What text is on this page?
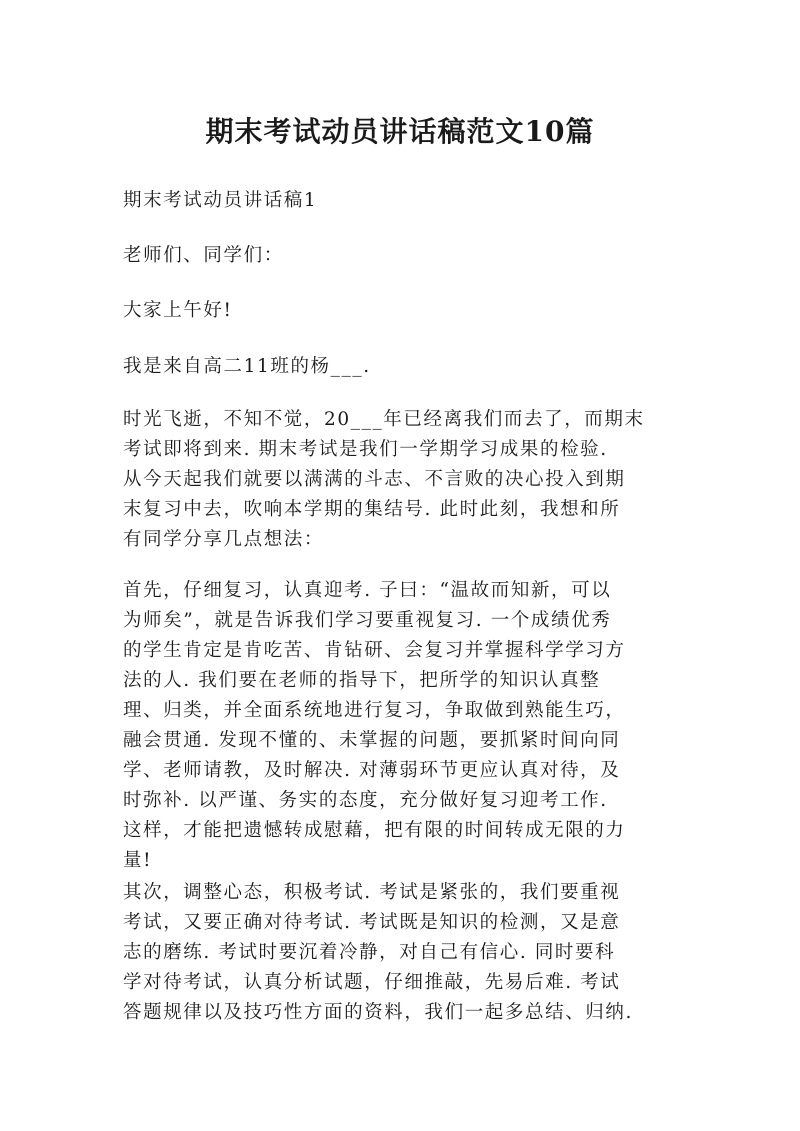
期末考试动员讲话稿范文10篇

期末考试动员讲话稿1

老师们、同学们：

大家上午好!

我是来自高二11班的杨___.

时光飞逝，不知不觉，20___年已经离我们而去了，而期末
考试即将到来. 期末考试是我们一学期学习成果的检验.
从今天起我们就要以满满的斗志、不言败的决心投入到期
末复习中去，吹响本学期的集结号. 此时此刻，我想和所
有同学分享几点想法：

首先，仔细复习，认真迎考. 子曰：“温故而知新，可以
为师矣”，就是告诉我们学习要重视复习. 一个成绩优秀
的学生肯定是肯吃苦、肯钻研、会复习并掌握科学学习方
法的人. 我们要在老师的指导下，把所学的知识认真整
理、归类，并全面系统地进行复习，争取做到熟能生巧，
融会贯通. 发现不懂的、未掌握的问题，要抓紧时间向同
学、老师请教，及时解决. 对薄弱环节更应认真对待，及
时弥补. 以严谨、务实的态度，充分做好复习迎考工作.
这样，才能把遗憾转成慰藉，把有限的时间转成无限的力
量!

其次，调整心态，积极考试. 考试是紧张的，我们要重视
考试，又要正确对待考试. 考试既是知识的检测，又是意
志的磨练. 考试时要沉着冷静，对自己有信心. 同时要科
学对待考试，认真分析试题，仔细推敲，先易后难. 考试
答题规律以及技巧性方面的资料，我们一起多总结、归纳.
